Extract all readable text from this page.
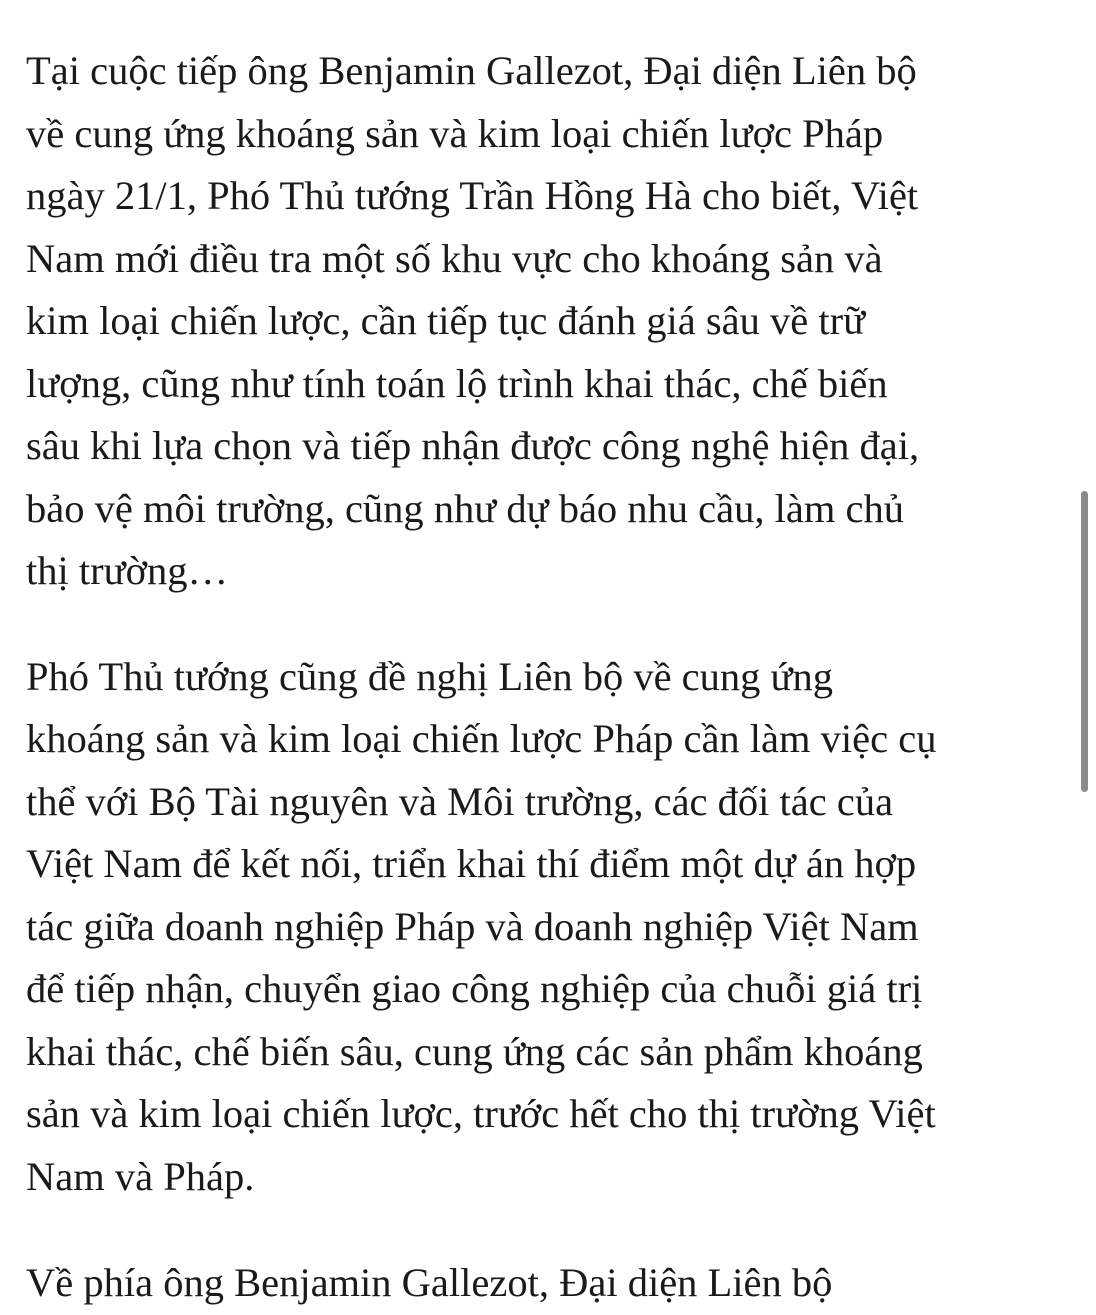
Tại cuộc tiếp ông Benjamin Gallezot, Đại diện Liên bộ
về cung ứng khoáng sản và kim loại chiến lược Pháp
ngày 21/1, Phó Thủ tướng Trần Hồng Hà cho biết, Việt
Nam mới điều tra một số khu vực cho khoáng sản và
kim loại chiến lược, cần tiếp tục đánh giá sâu về trữ
lượng, cũng như tính toán lộ trình khai thác, chế biến
sâu khi lựa chọn và tiếp nhận được công nghệ hiện đại,
bảo vệ môi trường, cũng như dự báo nhu cầu, làm chủ
thị trường…

Phó Thủ tướng cũng đề nghị Liên bộ về cung ứng
khoáng sản và kim loại chiến lược Pháp cần làm việc cụ
thể với Bộ Tài nguyên và Môi trường, các đối tác của
Việt Nam để kết nối, triển khai thí điểm một dự án hợp
tác giữa doanh nghiệp Pháp và doanh nghiệp Việt Nam
để tiếp nhận, chuyển giao công nghiệp của chuỗi giá trị
khai thác, chế biến sâu, cung ứng các sản phẩm khoáng
sản và kim loại chiến lược, trước hết cho thị trường Việt
Nam và Pháp.

Về phía ông Benjamin Gallezot, Đại diện Liên bộ
